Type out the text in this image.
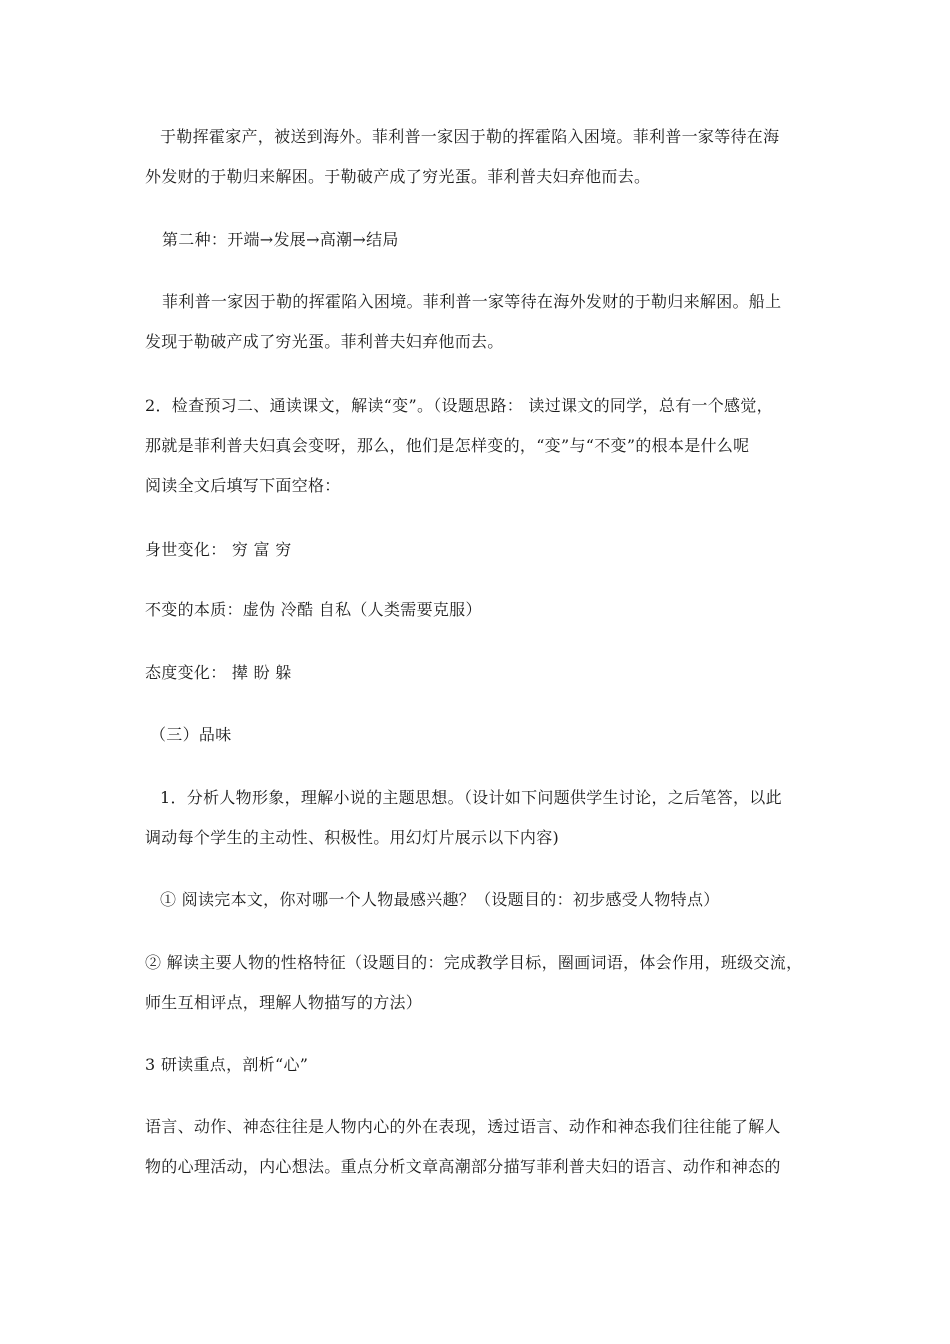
于勒挥霍家产，被送到海外。菲利普一家因于勒的挥霍陷入困境。菲利普一家等待在海
外发财的于勒归来解困。于勒破产成了穷光蛋。菲利普夫妇弃他而去。
第二种：开端→发展→高潮→结局
菲利普一家因于勒的挥霍陷入困境。菲利普一家等待在海外发财的于勒归来解困。船上
发现于勒破产成了穷光蛋。菲利普夫妇弃他而去。
2．检查预习二、通读课文，解读“变”。（设题思路： 读过课文的同学，总有一个感觉，
那就是菲利普夫妇真会变呀，那么，他们是怎样变的，“变”与“不变”的根本是什么呢
阅读全文后填写下面空格：
身世变化： 穷 富 穷
不变的本质：虚伪 冷酷 自私（人类需要克服）
态度变化： 撵 盼 躲
（三）品味
1．分析人物形象，理解小说的主题思想。（设计如下问题供学生讨论，之后笔答，以此
调动每个学生的主动性、积极性。用幻灯片展示以下内容)
① 阅读完本文，你对哪一个人物最感兴趣？（设题目的：初步感受人物特点）
② 解读主要人物的性格特征（设题目的：完成教学目标，圈画词语，体会作用，班级交流，
师生互相评点，理解人物描写的方法）
3 研读重点，剖析“心”
语言、动作、神态往往是人物内心的外在表现，透过语言、动作和神态我们往往能了解人
物的心理活动，内心想法。重点分析文章高潮部分描写菲利普夫妇的语言、动作和神态的
